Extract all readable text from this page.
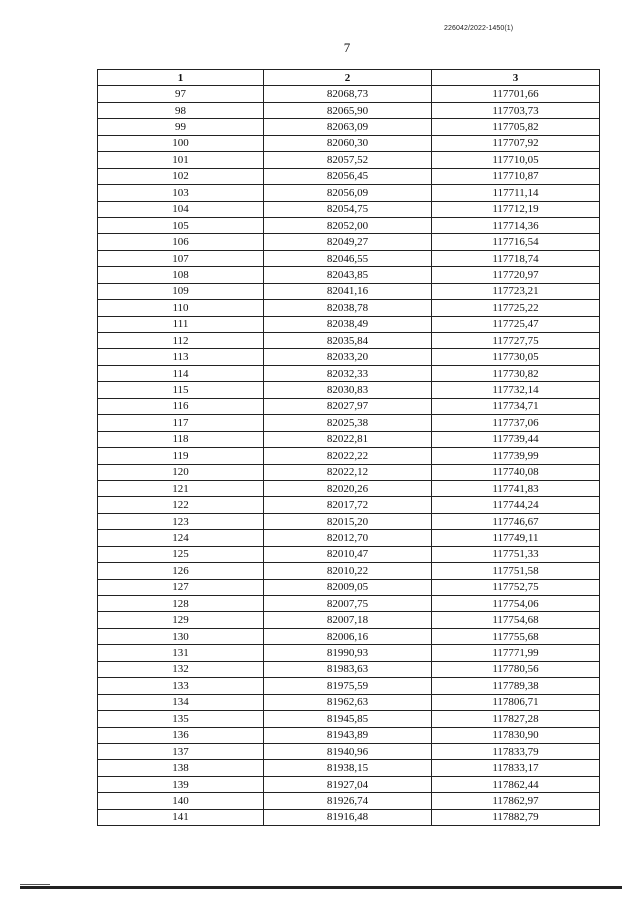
226042/2022-1450(1)
7
1	2	3
97	82068,73	117701,66
98	82065,90	117703,73
99	82063,09	117705,82
100	82060,30	117707,92
101	82057,52	117710,05
102	82056,45	117710,87
103	82056,09	117711,14
104	82054,75	117712,19
105	82052,00	117714,36
106	82049,27	117716,54
107	82046,55	117718,74
108	82043,85	117720,97
109	82041,16	117723,21
110	82038,78	117725,22
111	82038,49	117725,47
112	82035,84	117727,75
113	82033,20	117730,05
114	82032,33	117730,82
115	82030,83	117732,14
116	82027,97	117734,71
117	82025,38	117737,06
118	82022,81	117739,44
119	82022,22	117739,99
120	82022,12	117740,08
121	82020,26	117741,83
122	82017,72	117744,24
123	82015,20	117746,67
124	82012,70	117749,11
125	82010,47	117751,33
126	82010,22	117751,58
127	82009,05	117752,75
128	82007,75	117754,06
129	82007,18	117754,68
130	82006,16	117755,68
131	81990,93	117771,99
132	81983,63	117780,56
133	81975,59	117789,38
134	81962,63	117806,71
135	81945,85	117827,28
136	81943,89	117830,90
137	81940,96	117833,79
138	81938,15	117833,17
139	81927,04	117862,44
140	81926,74	117862,97
141	81916,48	117882,79
